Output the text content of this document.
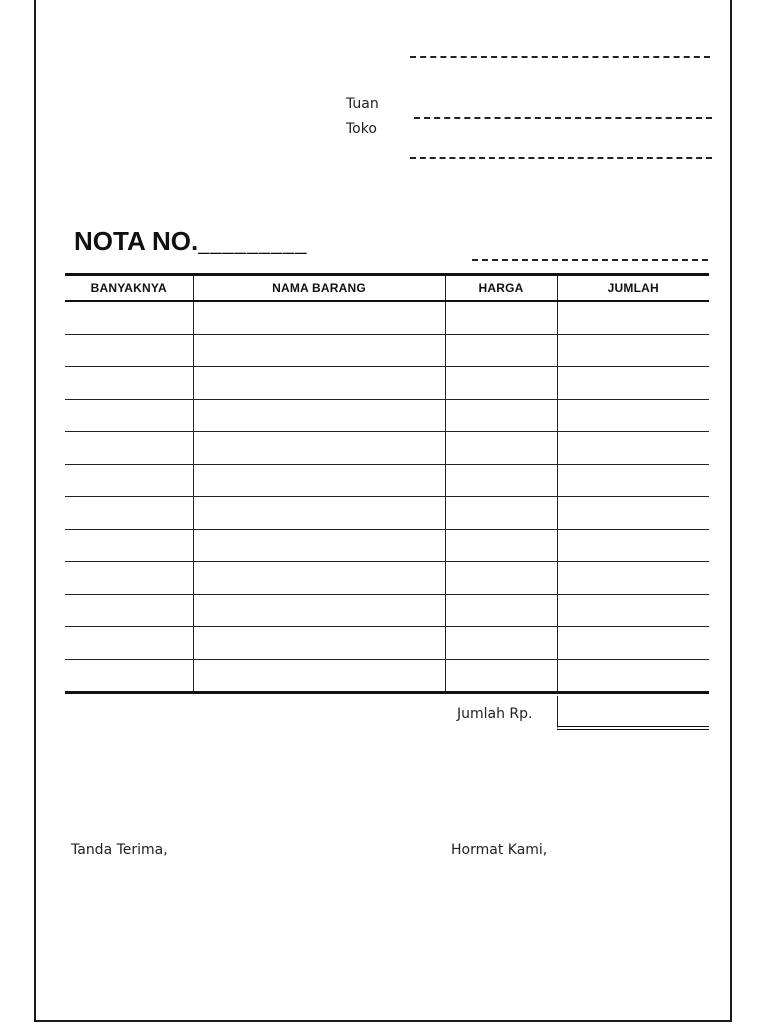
Tuan
Toko
NOTA NO._________
BANYAKNYA	NAMA BARANG	HARGA	JUMLAH

Jumlah Rp.
Tanda Terima,	Hormat Kami,
